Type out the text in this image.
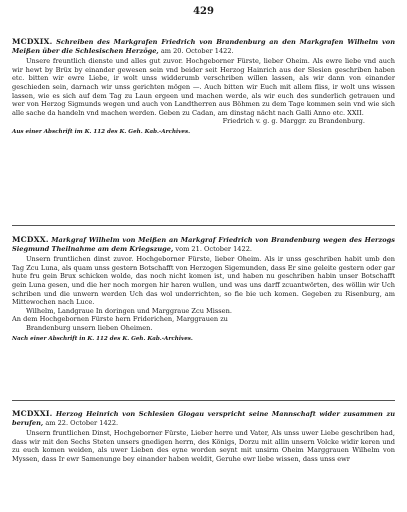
429

MCDXIX. Schreiben des Markgrafen Friedrich von Brandenburg an den Markgrafen Wilhelm von Meißen über die Schlesischen Herzöge, am 20. October 1422.

Unsere freuntlich dienste und alles gut zuvor. Hochgeborner Fürste, lieber Oheim. Als ewre liebe vnd auch wir hewt by Brüx by einander gewesen sein vnd beider seit Herzog Hainrich aus der Slesien geschriben haben etc. bitten wir ewre Liebe, ir wolt unss widderumb verschriben willen lassen, als wir dann von einander geschieden sein, darnach wir unss gerichten mögen —. Auch bitten wir Euch mit allem fliss, ir wolt uns wissen lassen, wie es sich auf dem Tag zu Laun ergeen und machen werde, als wir euch des sunderlich getrauen und wer von Herzog Sigmunds wegen und auch von Landtherren aus Böhmen zu dem Tage kommen sein vnd wie sich alle sache da handeln vnd machen werden. Geben zu Cadan, am dinstag nächt nach Galli Anno etc. XXII.

Friedrich v. g. g. Marggr. zu Brandenburg.

Aus einer Abschrift im K. 112 des K. Geh. Kab.-Archives.

MCDXX. Markgraf Wilhelm von Meißen an Markgraf Friedrich von Brandenburg wegen des Herzogs Siegmund Theilnahme am dem Kriegszuge, vom 21. October 1422.

Unsern fruntlichen dinst zuvor. Hochgeborner Fürste, lieber Oheim. Als ir unss geschriben habit umb den Tag Zcu Luna, als quam unss gestern Botschafft von Herzogen Sigemunden, dass Er sine geleite gestern oder gar hute fru gein Brux schicken wolde, das noch nicht komen ist, und haben nu geschriben habin unser Botschafft gein Luna gesen, und die her noch morgen hir haren wullen, und was uns darff zcuantwörten, des wöllin wir Uch schriben und die unwern werden Uch das wol underrichten, so fie bie uch komen. Gegeben zu Risenburg, am Mittewochen nach Luce.

Wilhelm, Landgraue In doringen und Marggraue Zcu Missen.

An dem Hochgebornen Fürste hern Friderichen, Marggrauen zu

Brandenburg unsern lieben Oheimen.

Nach einer Abschrift in K. 112 des K. Geh. Kab.-Archives.

MCDXXI. Herzog Heinrich von Schlesien Glogau verspricht seine Mannschaft wider zusammen zu berufen, am 22. October 1422.

Unsern fruntlichen Dinst, Hochgeborner Fürste, Lieber herre und Vater, Als unss uwer Liebe geschriben had, dass wir mit den Sechs Steten unsers gnedigen herrn, des Königs, Dorzu mit allin unsern Volcke widir keren und zu euch komen weiden, als uwer Lieben des eyne worden seynt mit unsirm Oheim Marggrauen Wilhelm von Myssen, dass Ir ewr Samenunge bey einander haben weldit, Geruhe ewr liebe wissen, dass unss ewr
